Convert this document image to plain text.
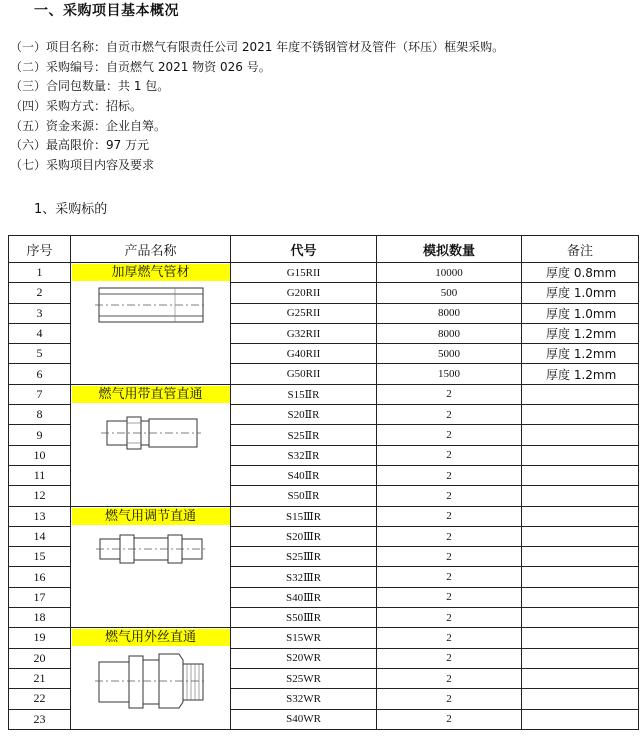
一、采购项目基本概况
（一）项目名称：自贡市燃气有限责任公司 2021 年度不锈钢管材及管件（环压）框架采购。
（二）采购编号：自贡燃气 2021 物资 026 号。
（三）合同包数量：共 1 包。
（四）采购方式：招标。
（五）资金来源：企业自筹。
（六）最高限价：97 万元
（七）采购项目内容及要求
1、采购标的
序号	产品名称	代号	模拟数量	备注
1	加厚燃气管材	G15RII	10000	厚度 0.8mm
2		G20RII	500	厚度 1.0mm
3		G25RII	8000	厚度 1.0mm
4		G32RII	8000	厚度 1.2mm
5		G40RII	5000	厚度 1.2mm
6		G50RII	1500	厚度 1.2mm
7	燃气用带直管直通	S15ⅡR	2	
8		S20ⅡR	2	
9		S25ⅡR	2	
10		S32ⅡR	2	
11		S40ⅡR	2	
12		S50ⅡR	2	
13	燃气用调节直通	S15ⅢR	2	
14		S20ⅢR	2	
15		S25ⅢR	2	
16		S32ⅢR	2	
17		S40ⅢR	2	
18		S50ⅢR	2	
19	燃气用外丝直通	S15WR	2	
20		S20WR	2	
21		S25WR	2	
22		S32WR	2	
23		S40WR	2	
